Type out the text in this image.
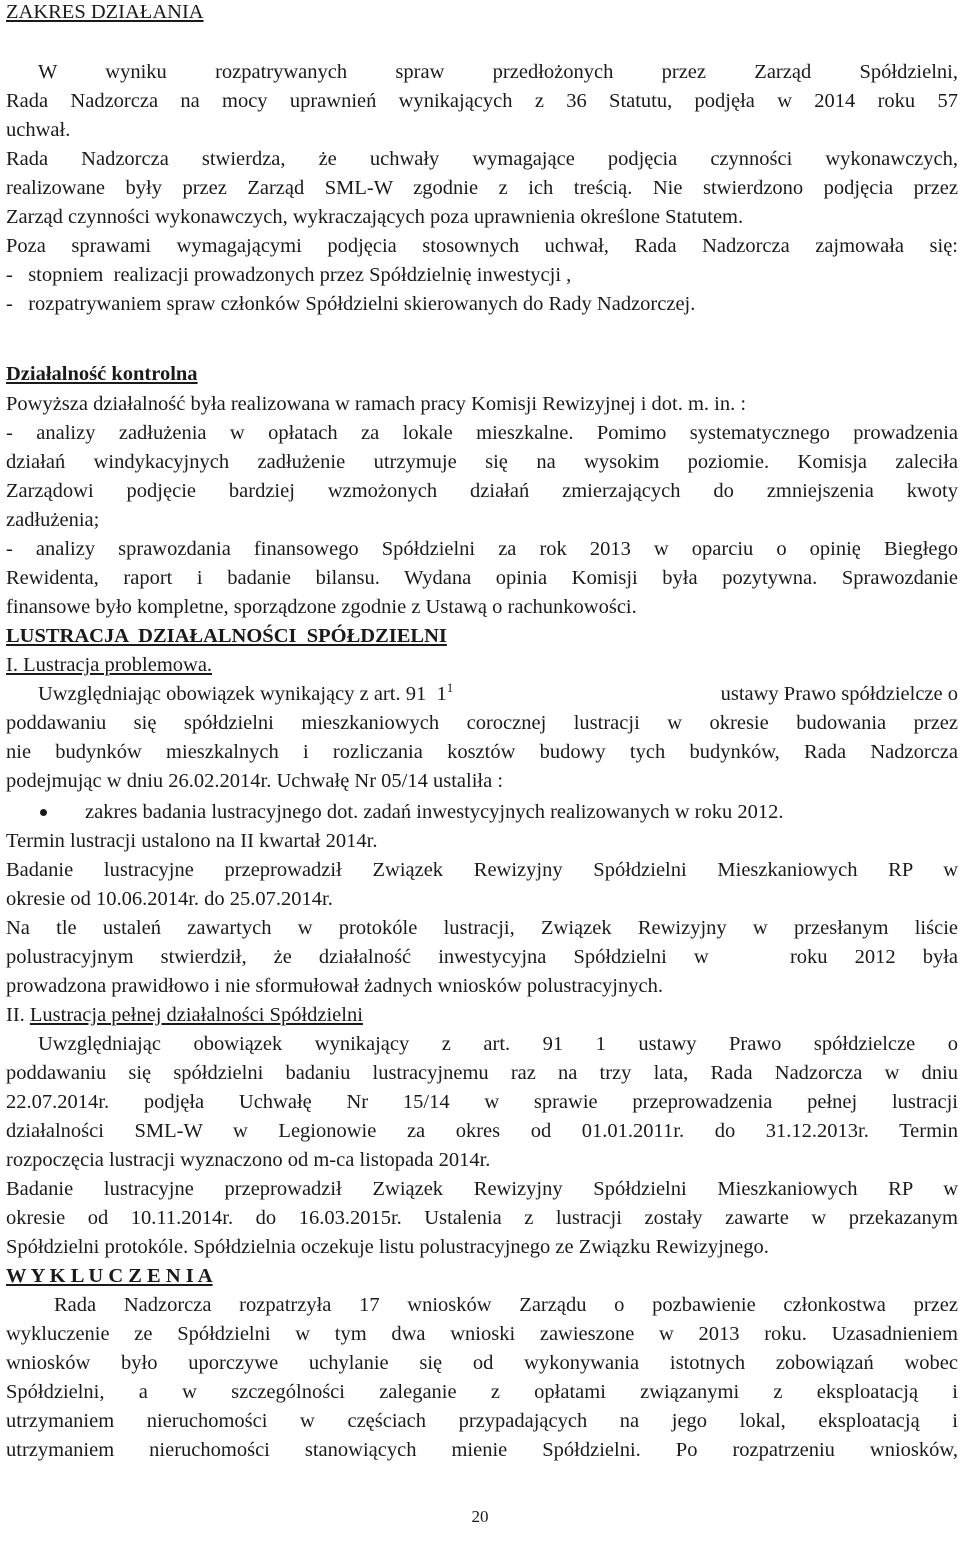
ZAKRES DZIAŁANIA
W wyniku rozpatrywanych spraw przedłożonych przez Zarząd Spółdzielni,
Rada Nadzorcza na mocy uprawnień wynikających z 36 Statutu, podjęła w 2014 roku 57
uchwał.
Rada Nadzorcza stwierdza, że uchwały wymagające podjęcia czynności wykonawczych,
realizowane były przez Zarząd SML-W zgodnie z ich treścią. Nie stwierdzono podjęcia przez
Zarząd czynności wykonawczych, wykraczających poza uprawnienia określone Statutem.
Poza sprawami wymagającymi podjęcia stosownych uchwał, Rada Nadzorcza zajmowała się:
-   stopniem  realizacji prowadzonych przez Spółdzielnię inwestycji ,
-   rozpatrywaniem spraw członków Spółdzielni skierowanych do Rady Nadzorczej.
Działalność kontrolna
Powyższa działalność była realizowana w ramach pracy Komisji Rewizyjnej i dot. m. in. :
- analizy zadłużenia w opłatach za lokale mieszkalne. Pomimo systematycznego prowadzenia
działań windykacyjnych zadłużenie utrzymuje się na wysokim poziomie. Komisja zaleciła
Zarządowi podjęcie bardziej wzmożonych działań zmierzających do zmniejszenia kwoty
zadłużenia;
- analizy sprawozdania finansowego Spółdzielni za rok 2013 w oparciu o opinię Biegłego
Rewidenta, raport i badanie bilansu. Wydana opinia Komisji była pozytywna. Sprawozdanie
finansowe było kompletne, sporządzone zgodnie z Ustawą o rachunkowości.
LUSTRACJA  DZIAŁALNOŚCI  SPÓŁDZIELNI
I. Lustracja problemowa.
Uwzględniając obowiązek wynikający z art. 91  $1^1$	ustawy Prawo spółdzielcze o
poddawaniu się spółdzielni mieszkaniowych corocznej lustracji w okresie budowania przez
nie budynków mieszkalnych i rozliczania kosztów budowy tych budynków, Rada Nadzorcza
podejmując w dniu 26.02.2014r. Uchwałę Nr 05/14 ustaliła :
zakres badania lustracyjnego dot. zadań inwestycyjnych realizowanych w roku 2012.
Termin lustracji ustalono na II kwartał 2014r.
Badanie lustracyjne przeprowadził Związek Rewizyjny Spółdzielni Mieszkaniowych RP w
okresie od 10.06.2014r. do 25.07.2014r.
Na tle ustaleń zawartych w protokóle lustracji, Związek Rewizyjny w przesłanym liście
polustracyjnym stwierdził, że działalność inwestycyjna Spółdzielni w   roku 2012 była
prowadzona prawidłowo i nie sformułował żadnych wniosków polustracyjnych.
II. Lustracja pełnej działalności Spółdzielni
Uwzględniając obowiązek wynikający z art. 91 1 ustawy Prawo spółdzielcze o
poddawaniu się spółdzielni badaniu lustracyjnemu raz na trzy lata, Rada Nadzorcza w dniu
22.07.2014r. podjęła Uchwałę Nr 15/14 w sprawie przeprowadzenia pełnej lustracji
działalności SML-W w Legionowie za okres od 01.01.2011r. do 31.12.2013r. Termin
rozpoczęcia lustracji wyznaczono od m-ca listopada 2014r.
Badanie lustracyjne przeprowadził Związek Rewizyjny Spółdzielni Mieszkaniowych RP w
okresie od 10.11.2014r. do 16.03.2015r. Ustalenia z lustracji zostały zawarte w przekazanym
Spółdzielni protokóle. Spółdzielnia oczekuje listu polustracyjnego ze Związku Rewizyjnego.
W Y K L U C Z E N I A
Rada Nadzorcza rozpatrzyła 17 wniosków Zarządu o pozbawienie członkostwa przez
wykluczenie ze Spółdzielni w tym dwa wnioski zawieszone w 2013 roku. Uzasadnieniem
wniosków było uporczywe uchylanie się od wykonywania istotnych zobowiązań wobec
Spółdzielni, a w szczególności zaleganie z opłatami związanymi z eksploatacją i
utrzymaniem nieruchomości w częściach przypadających na jego lokal, eksploatacją i
utrzymaniem nieruchomości stanowiących mienie Spółdzielni. Po rozpatrzeniu wniosków,
20
